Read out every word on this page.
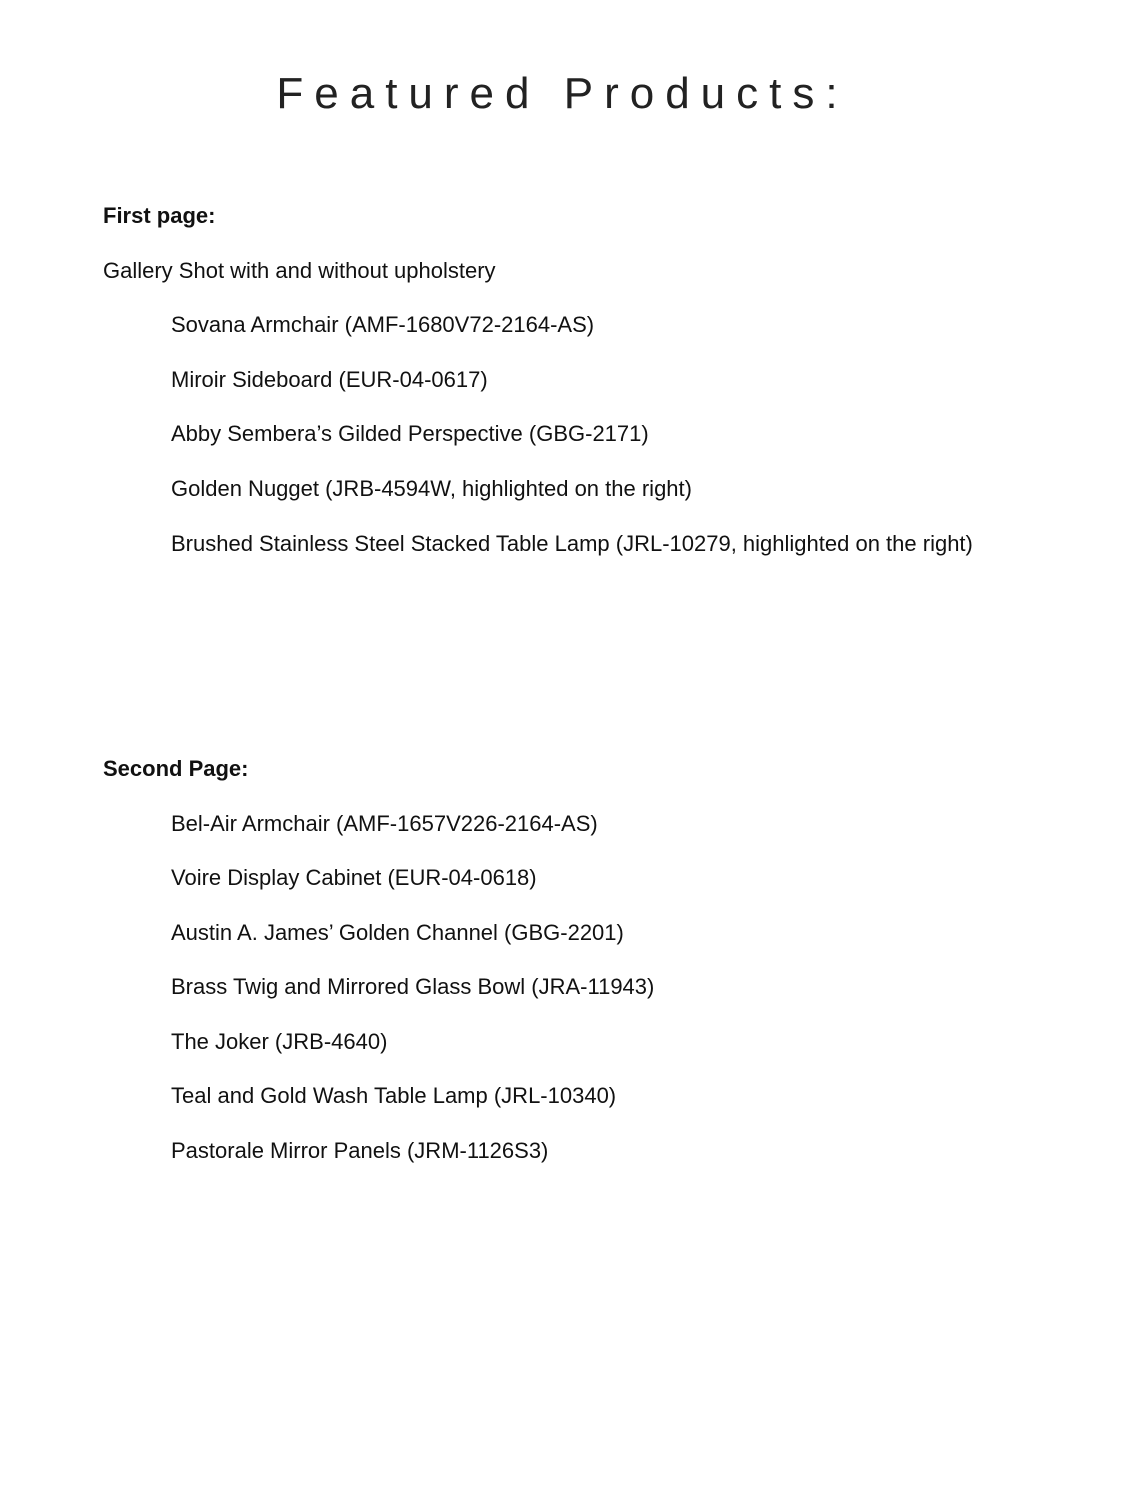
Featured Products:
First page:
Gallery Shot with and without upholstery
Sovana Armchair (AMF-1680V72-2164-AS)
Miroir Sideboard (EUR-04-0617)
Abby Sembera’s Gilded Perspective (GBG-2171)
Golden Nugget (JRB-4594W, highlighted on the right)
Brushed Stainless Steel Stacked Table Lamp (JRL-10279, highlighted on the right)
Second Page:
Bel-Air Armchair (AMF-1657V226-2164-AS)
Voire Display Cabinet (EUR-04-0618)
Austin A. James’ Golden Channel (GBG-2201)
Brass Twig and Mirrored Glass Bowl (JRA-11943)
The Joker (JRB-4640)
Teal and Gold Wash Table Lamp (JRL-10340)
Pastorale Mirror Panels (JRM-1126S3)
